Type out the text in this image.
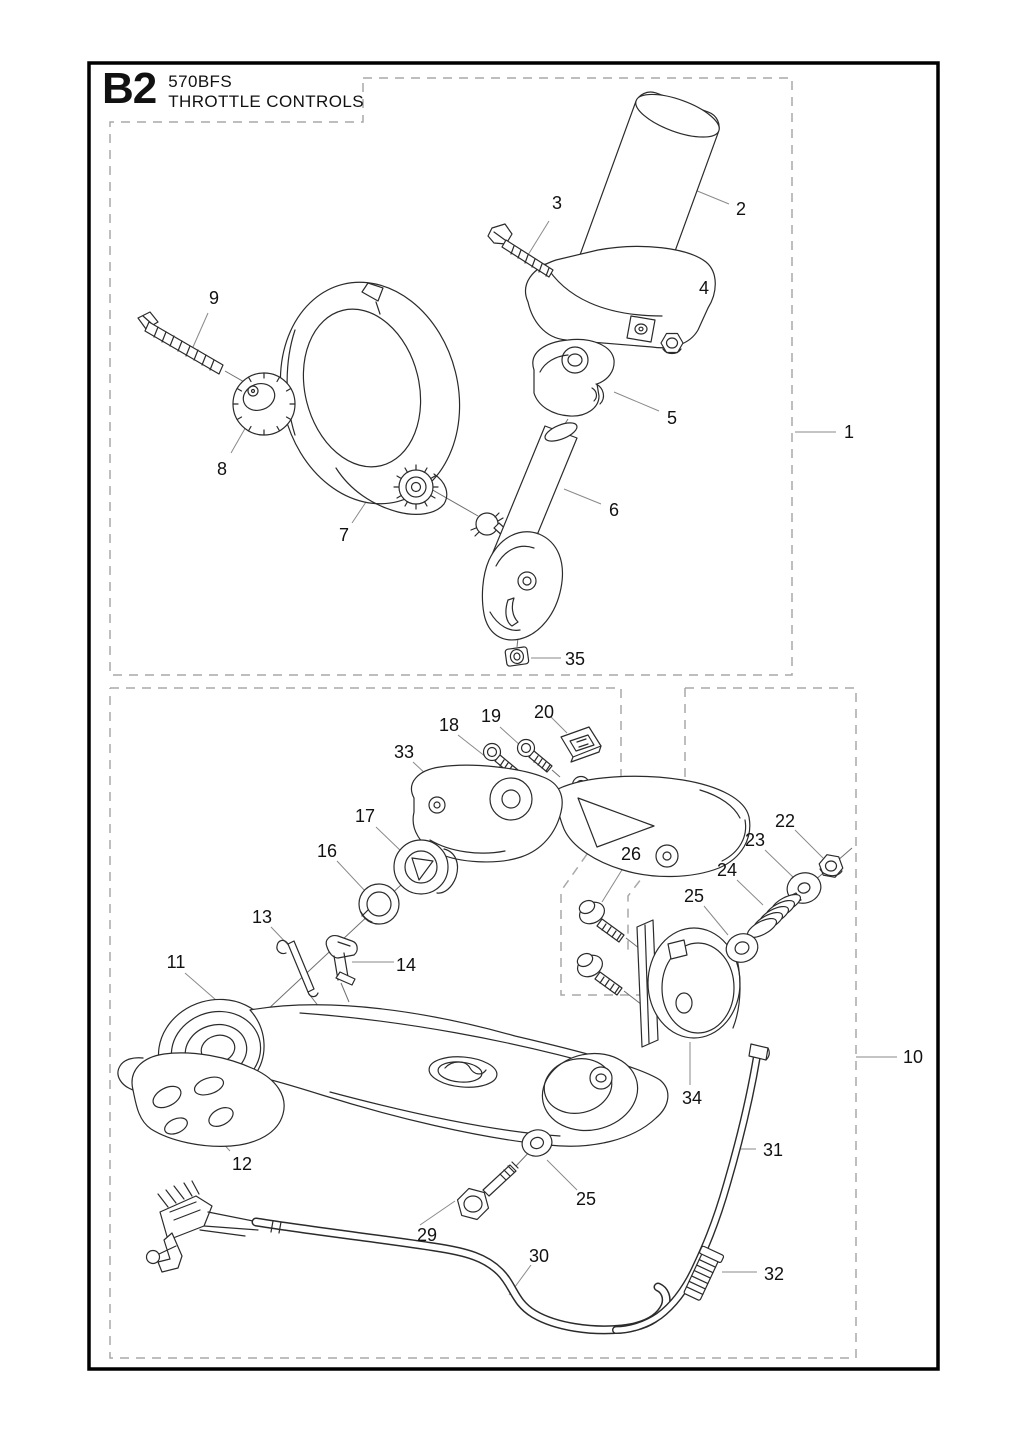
1
2
3
4
5
6
7
8
9
10
11
12
13
14
16
17
18 19 20
22
23
24
25
25
26
29
30
31
32
33
34
35
B2 570BFS
THROTTLE CONTROLS
